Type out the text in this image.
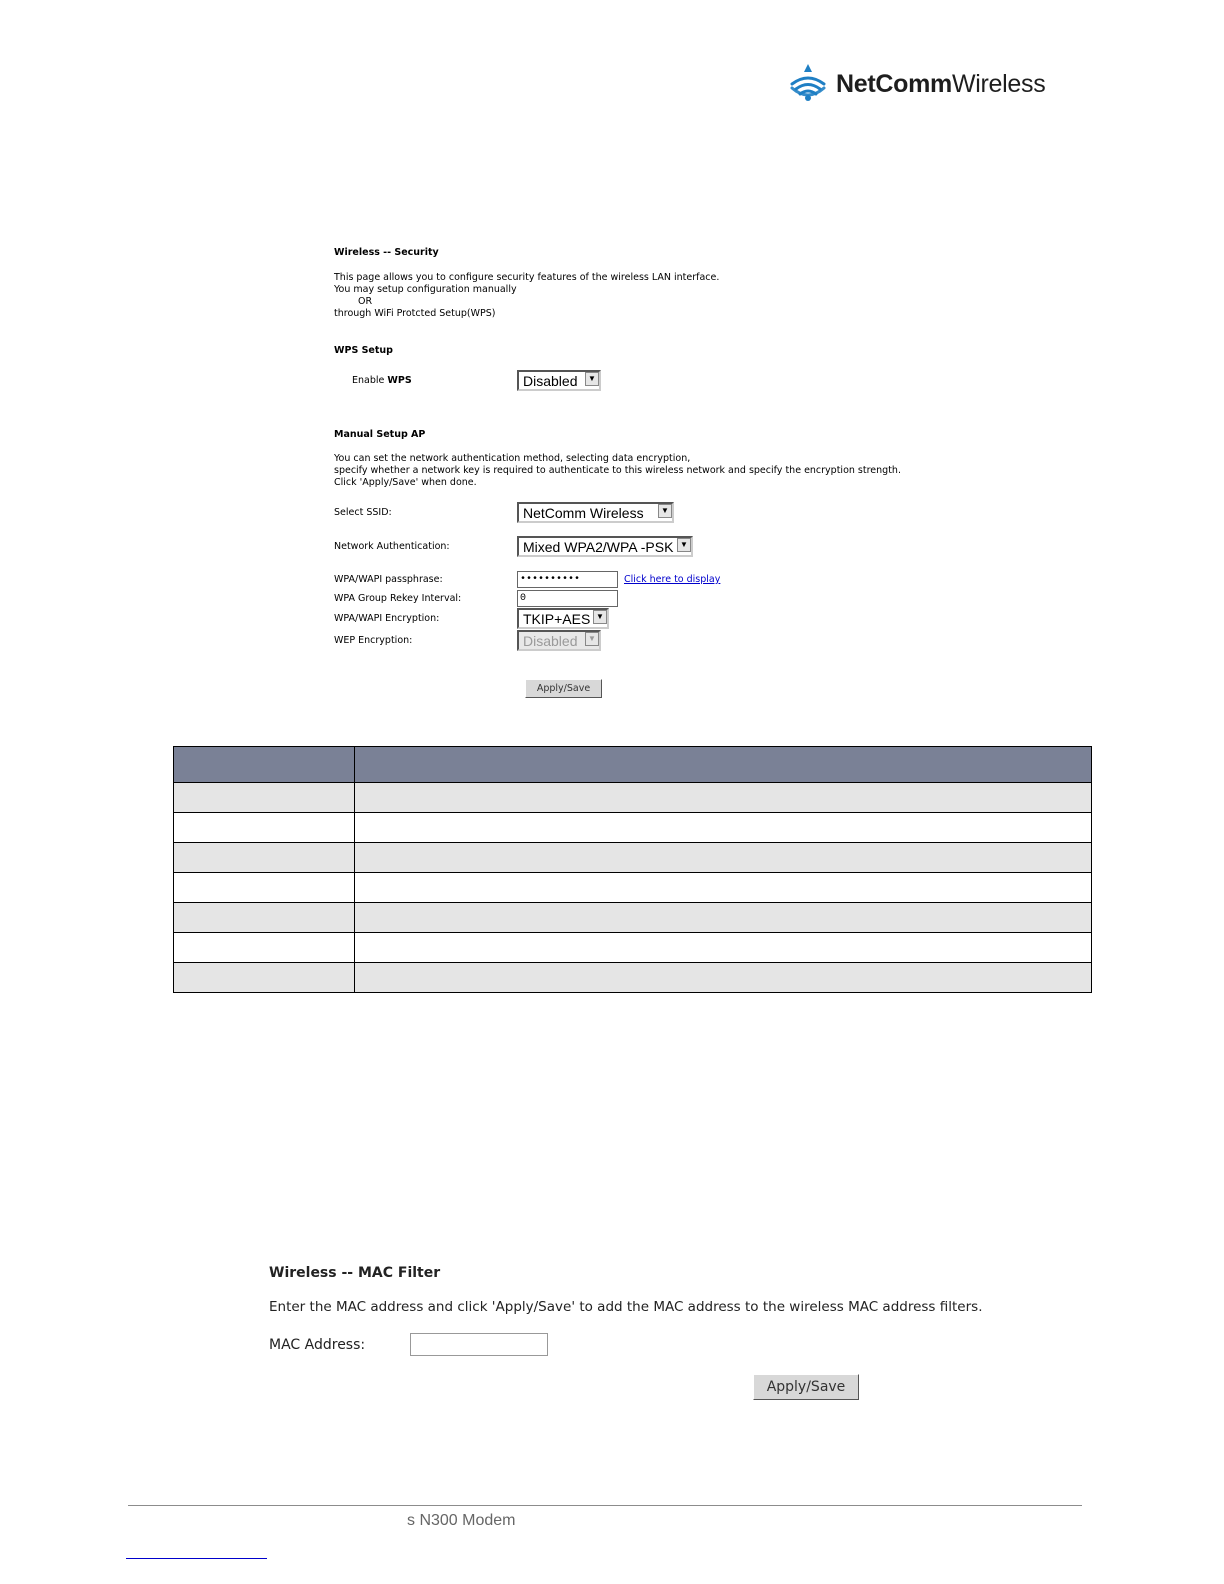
NetCommWireless
Wireless -- Security
This page allows you to configure security features of the wireless LAN interface.
You may setup configuration manually
OR
through WiFi Protcted Setup(WPS)
WPS Setup
Enable WPS	Disabled	▼
Manual Setup AP
You can set the network authentication method, selecting data encryption,
specify whether a network key is required to authenticate to this wireless network and specify the encryption strength.
Click 'Apply/Save' when done.
Select SSID:	NetComm Wireless	▼
Network Authentication:	Mixed WPA2/WPA -PSK ▼
WPA/WAPI passphrase:	••••••••••	Click here to display
WPA Group Rekey Interval:	0
WPA/WAPI Encryption:	TKIP+AES ▼
WEP Encryption:	Disabled	▼
Apply/Save

Wireless -- MAC Filter
Enter the MAC address and click 'Apply/Save' to add the MAC address to the wireless MAC address filters.
MAC Address:
Apply/Save
s N300 Modem
